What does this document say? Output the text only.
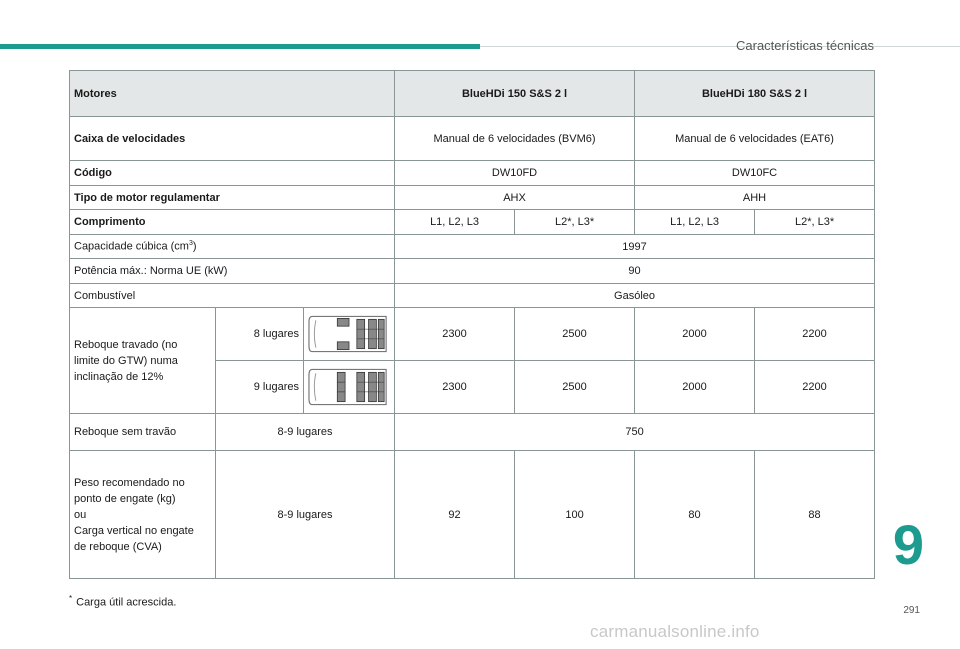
Características técnicas
Motores			BlueHDi 150 S&S 2 l		BlueHDi 180 S&S 2 l	
Caixa de velocidades			Manual de 6 velocidades (BVM6)		Manual de 6 velocidades (EAT6)	
Código			DW10FD		DW10FC	
Tipo de motor regulamentar			AHX		AHH	
Comprimento			L1, L2, L3	L2*, L3*	L1, L2, L3	L2*, L3*
Capacidade cúbica $(cm^3)$			1997			
Potência máx.: Norma UE (kW)			90			
Combustível			Gasóleo			

Reboque travado (no
limite do GTW) numa
inclinação de 12%	8 lugares		2300	2500	2000	2200
	9 lugares		2300	2500	2000	2200
Reboque sem travão	8-9 lugares		750			

Peso recomendado no
ponto de engate (kg)
ou
Carga vertical no engate
de reboque (CVA)	8-9 lugares		92	100	80	88
* Carga útil acrescida.
9
291
carmanualsonline.info
